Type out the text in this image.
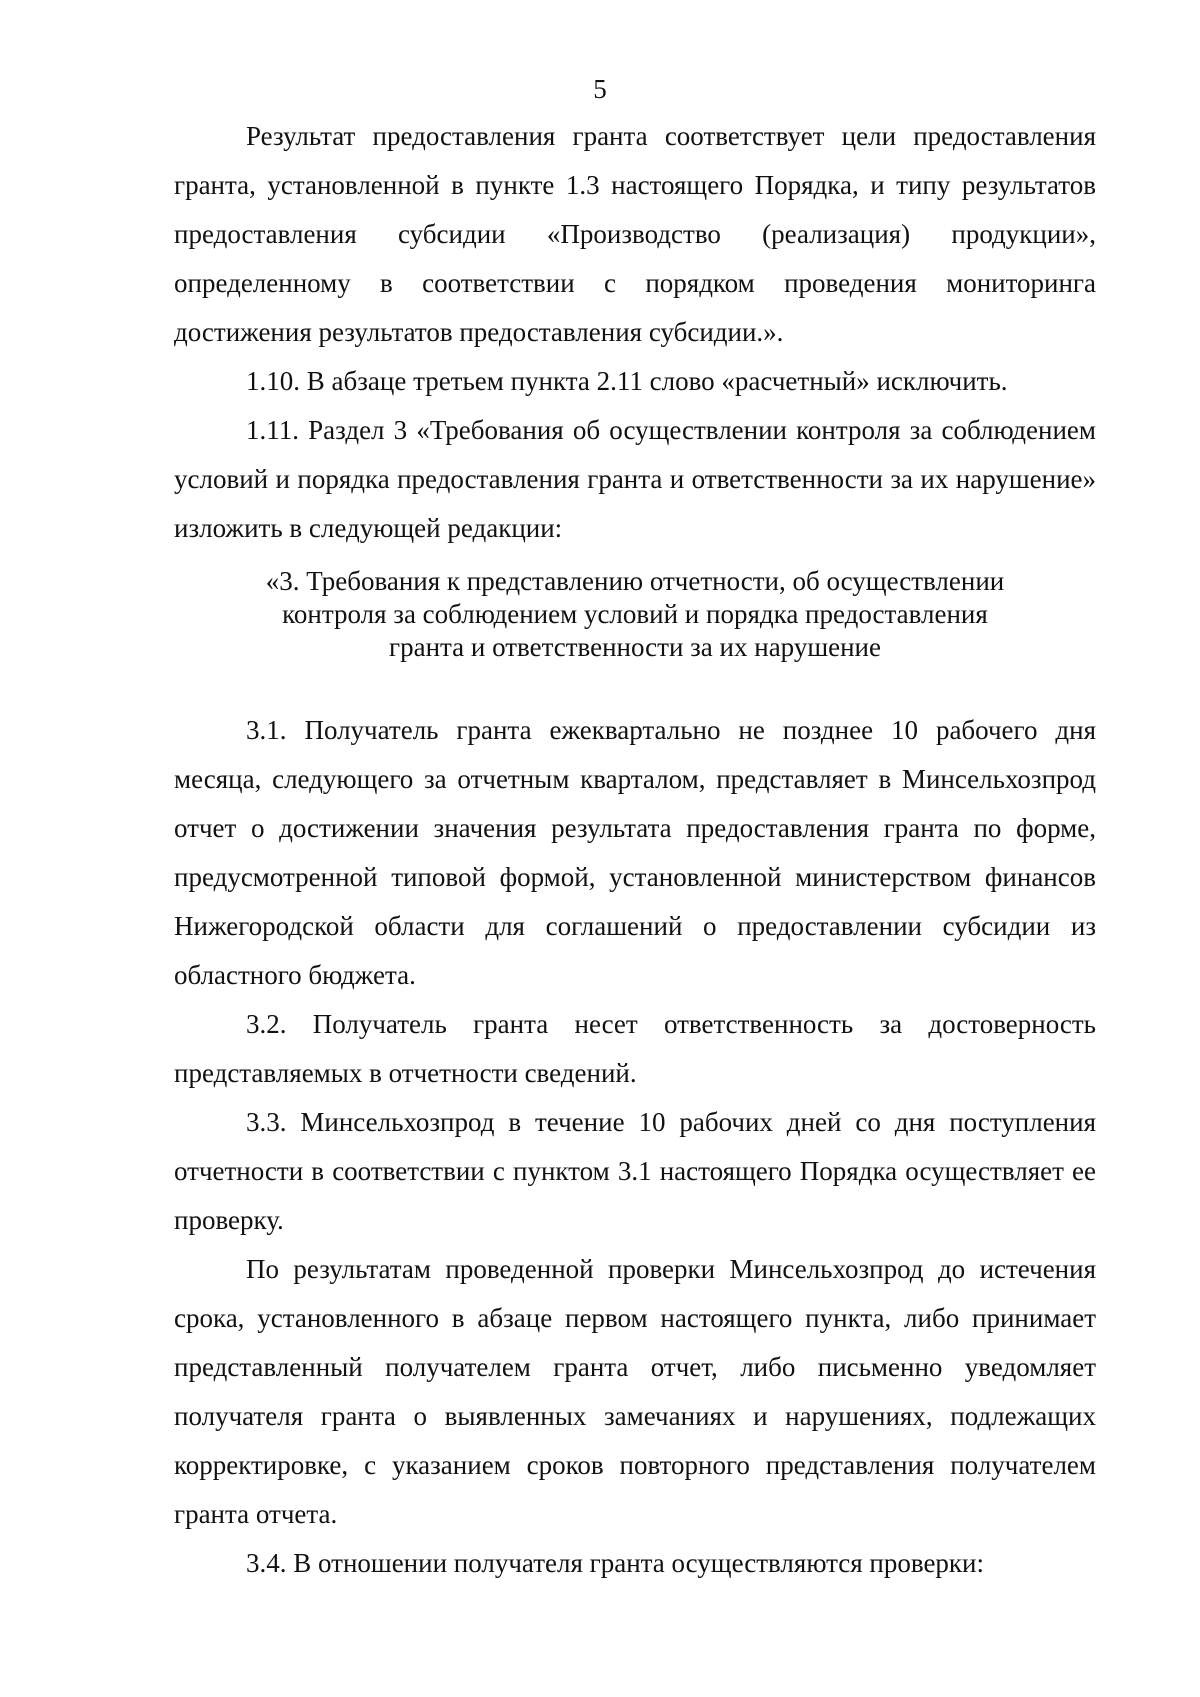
5

Результат предоставления гранта соответствует цели предоставления гранта, установленной в пункте 1.3 настоящего Порядка, и типу результатов предоставления субсидии «Производство (реализация) продукции», определенному в соответствии с порядком проведения мониторинга достижения результатов предоставления субсидии.».

1.10. В абзаце третьем пункта 2.11 слово «расчетный» исключить.

1.11. Раздел 3 «Требования об осуществлении контроля за соблюдением условий и порядка предоставления гранта и ответственности за их нарушение» изложить в следующей редакции:

«3. Требования к представлению отчетности, об осуществлении
контроля за соблюдением условий и порядка предоставления
гранта и ответственности за их нарушение

3.1. Получатель гранта ежеквартально не позднее 10 рабочего дня месяца, следующего за отчетным кварталом, представляет в Минсельхозпрод отчет о достижении значения результата предоставления гранта по форме, предусмотренной типовой формой, установленной министерством финансов Нижегородской области для соглашений о предоставлении субсидии из областного бюджета.

3.2. Получатель гранта несет ответственность за достоверность представляемых в отчетности сведений.

3.3. Минсельхозпрод в течение 10 рабочих дней со дня поступления отчетности в соответствии с пунктом 3.1 настоящего Порядка осуществляет ее проверку.

По результатам проведенной проверки Минсельхозпрод до истечения срока, установленного в абзаце первом настоящего пункта, либо принимает представленный получателем гранта отчет, либо письменно уведомляет получателя гранта о выявленных замечаниях и нарушениях, подлежащих корректировке, с указанием сроков повторного представления получателем гранта отчета.

3.4. В отношении получателя гранта осуществляются проверки:
